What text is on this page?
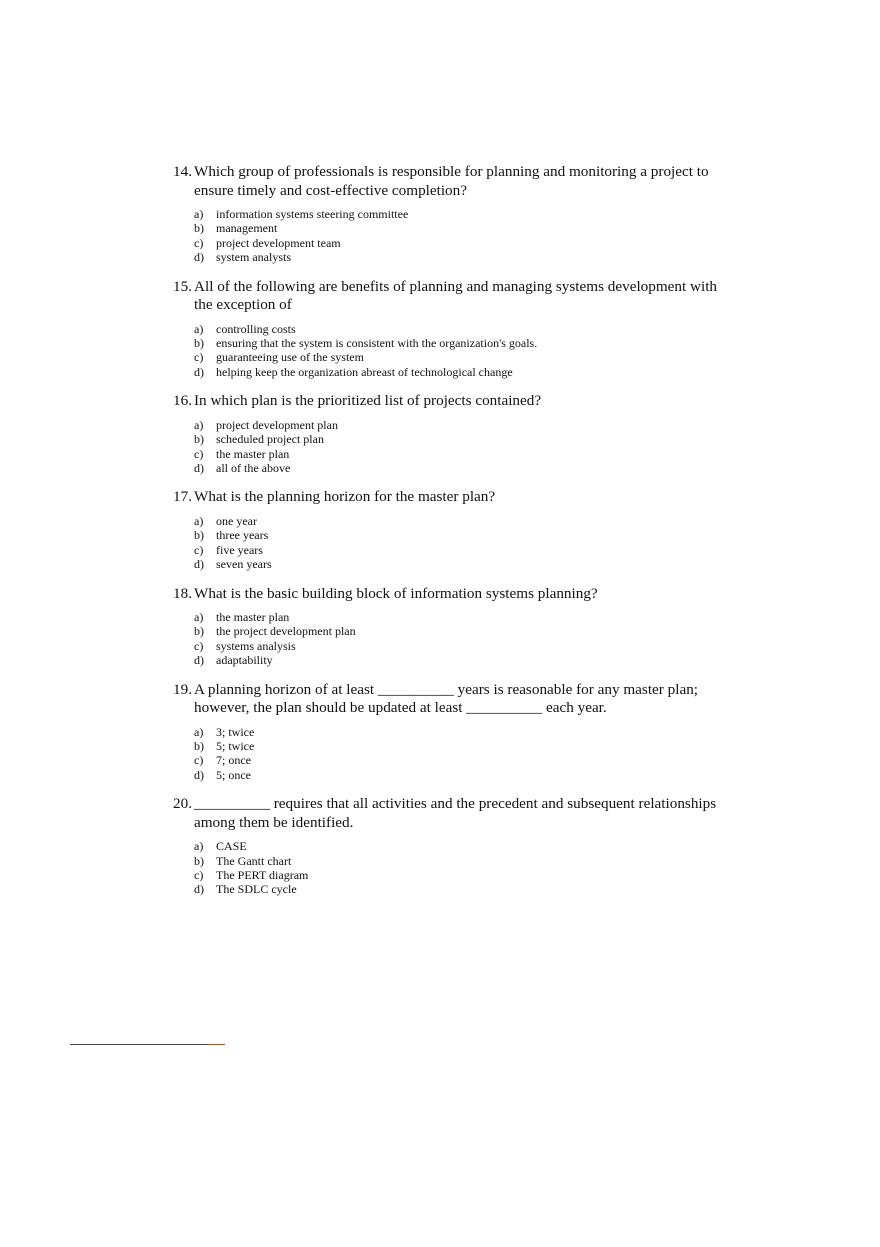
14. Which group of professionals is responsible for planning and monitoring a project to ensure timely and cost-effective completion?
a)	information systems steering committee
b)	management
c)	project development team
d)	system analysts
15. All of the following are benefits of planning and managing systems development with the exception of
a)	controlling costs
b)	ensuring that the system is consistent with the organization's goals.
c)	guaranteeing use of the system
d)	helping keep the organization abreast of technological change
16. In which plan is the prioritized list of projects contained?
a)	project development plan
b)	scheduled project plan
c)	the master plan
d)	all of the above
17. What is the planning horizon for the master plan?
a)	one year
b)	three years
c)	five years
d)	seven years
18. What is the basic building block of information systems planning?
a)	the master plan
b)	the project development plan
c)	systems analysis
d)	adaptability
19. A planning horizon of at least __________ years is reasonable for any master plan; however, the plan should be updated at least __________ each year.
a)	3; twice
b)	5; twice
c)	7; once
d)	5; once
20. __________ requires that all activities and the precedent and subsequent relationships among them be identified.
a)	CASE
b)	The Gantt chart
c)	The PERT diagram
d)	The SDLC cycle
